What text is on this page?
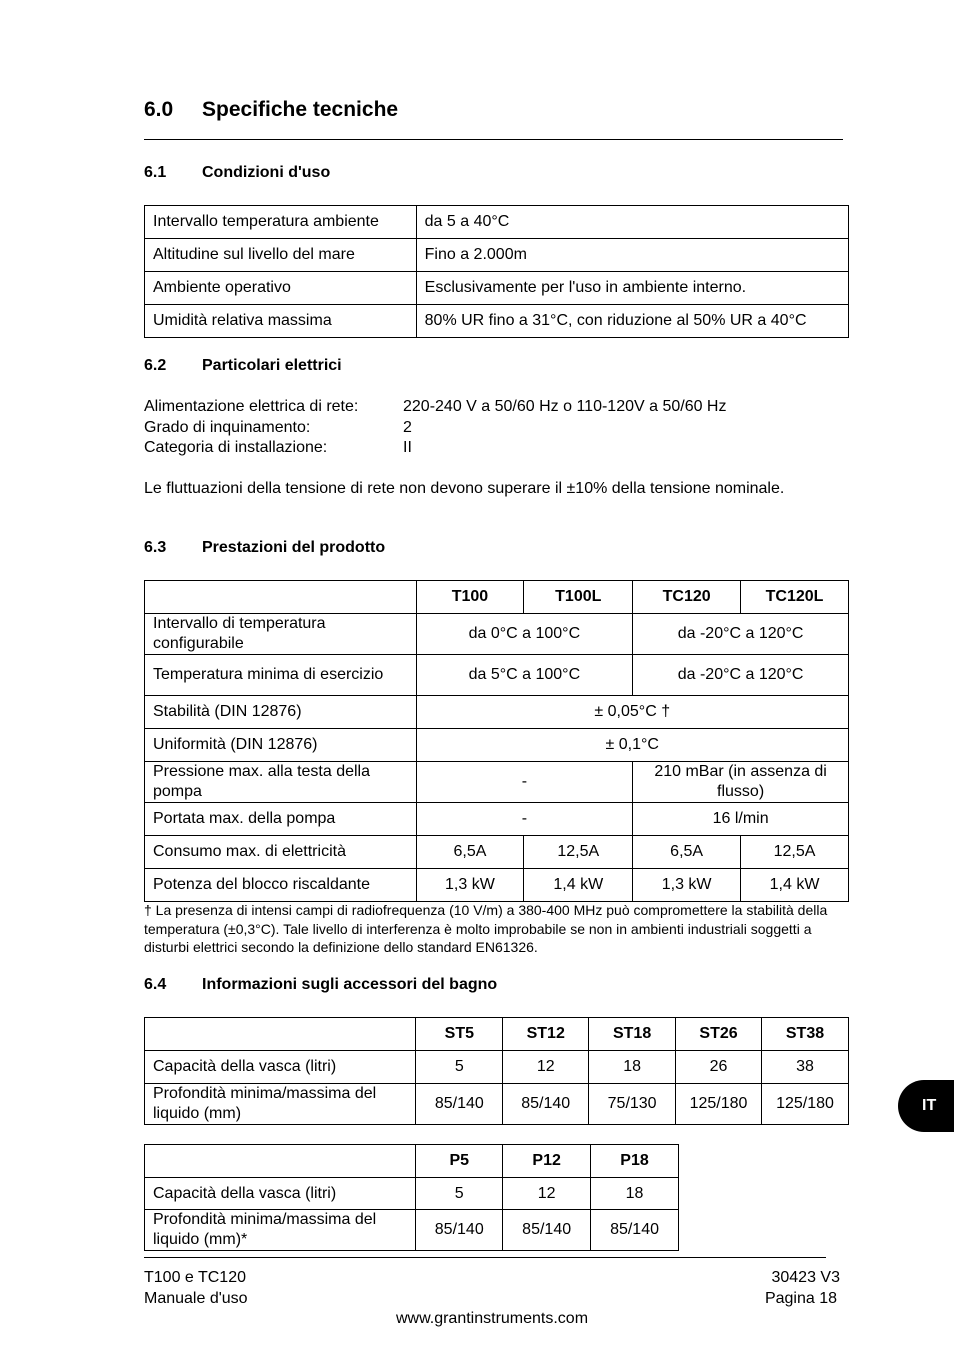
6.0 Specifiche tecniche
6.1 Condizioni d'uso
Intervallo temperatura ambiente	da 5 a 40°C
Altitudine sul livello del mare	Fino a 2.000m
Ambiente operativo	Esclusivamente per l'uso in ambiente interno.
Umidità relativa massima	80% UR fino a 31°C, con riduzione al 50% UR a 40°C
6.2 Particolari elettrici
Alimentazione elettrica di rete:	220-240 V a 50/60 Hz o 110-120V a 50/60 Hz
Grado di inquinamento:	2
Categoria di installazione:	II
Le fluttuazioni della tensione di rete non devono superare il ±10% della tensione nominale.
6.3 Prestazioni del prodotto
	T100	T100L	TC120	TC120L
Intervallo di temperatura configurabile	da 0°C a 100°C		da -20°C a 120°C	
Temperatura minima di esercizio	da 5°C a 100°C		da -20°C a 120°C	
Stabilità (DIN 12876)	± 0,05°C †			
Uniformità (DIN 12876)	± 0,1°C			
Pressione max. alla testa della pompa	-		210 mBar (in assenza di flusso)	
Portata max. della pompa	-		16 l/min	
Consumo max. di elettricità	6,5A	12,5A	6,5A	12,5A
Potenza del blocco riscaldante	1,3 kW	1,4 kW	1,3 kW	1,4 kW
† La presenza di intensi campi di radiofrequenza (10 V/m) a 380-400 MHz può compromettere la stabilità della temperatura (±0,3°C). Tale livello di interferenza è molto improbabile se non in ambienti industriali soggetti a disturbi elettrici secondo la definizione dello standard EN61326.
6.4 Informazioni sugli accessori del bagno
	ST5	ST12	ST18	ST26	ST38
Capacità della vasca (litri)	5	12	18	26	38
Profondità minima/massima del liquido (mm)	85/140	85/140	75/130	125/180	125/180
	P5	P12	P18
Capacità della vasca (litri)	5	12	18
Profondità minima/massima del liquido (mm)*	85/140	85/140	85/140
IT
T100 e TC120
Manuale d'uso
30423 V3
Pagina 18
www.grantinstruments.com
